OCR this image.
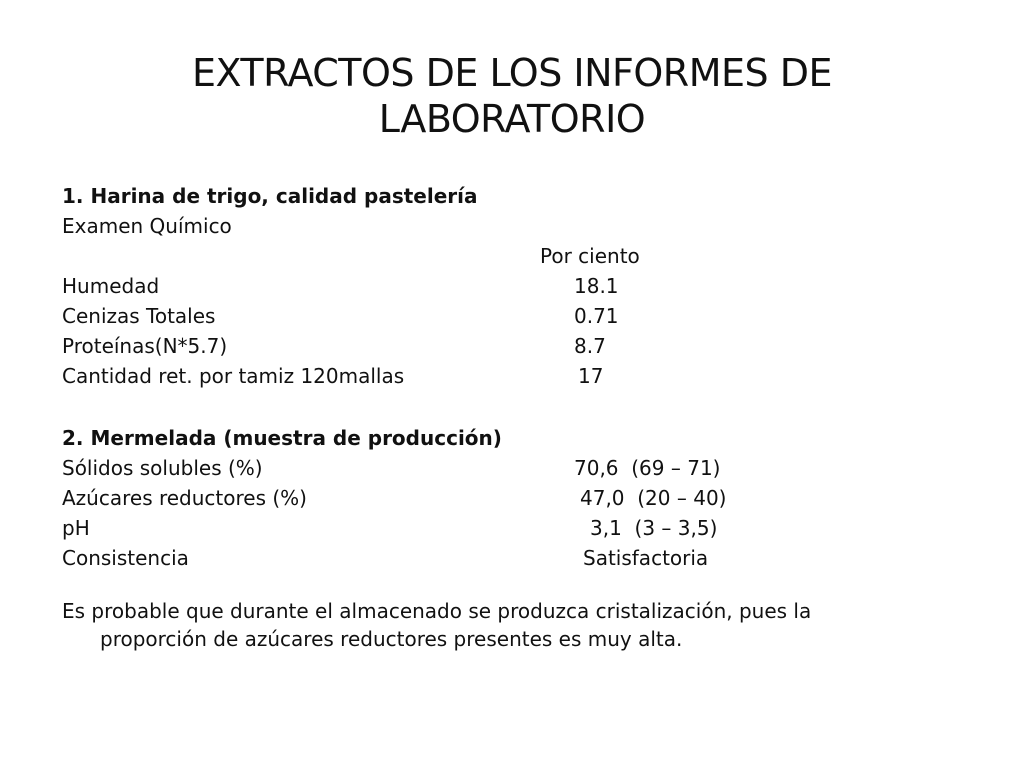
EXTRACTOS DE LOS INFORMES DE
LABORATORIO
1. Harina de trigo, calidad pastelería
Examen Químico
Por ciento
Humedad	18.1
Cenizas Totales	0.71
Proteínas(N*5.7)	8.7
Cantidad ret. por tamiz 120mallas	17
2. Mermelada (muestra de producción)
Sólidos solubles (%)	70,6  (69 – 71)
Azúcares reductores (%)	47,0  (20 – 40)
pH	3,1  (3 – 3,5)
Consistencia	Satisfactoria
Es probable que durante el almacenado se produzca cristalización, pues la
proporción de azúcares reductores presentes es muy alta.
